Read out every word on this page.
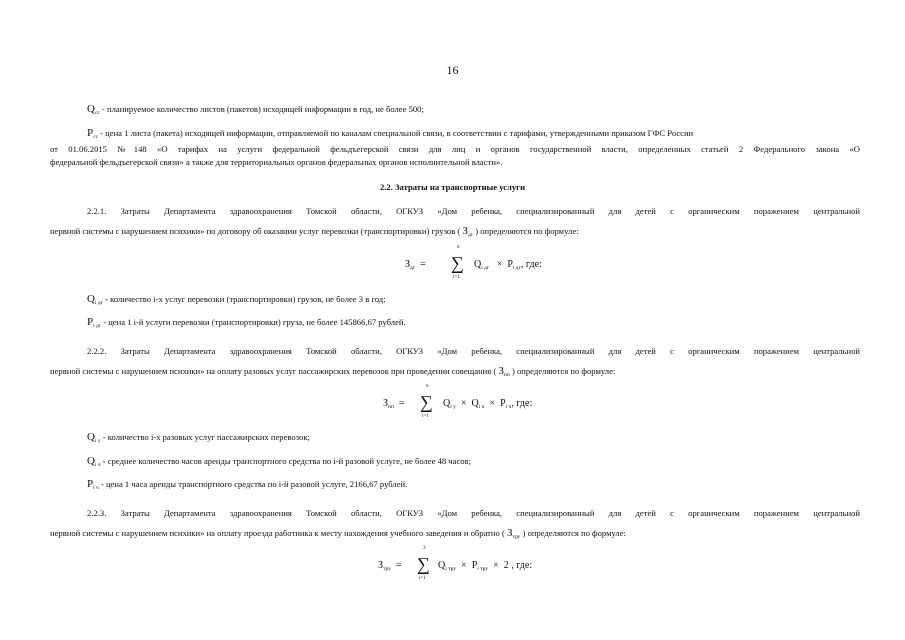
16
$Q_{сс}$ - планируемое количество листов (пакетов) исходящей информации в год, не более 500;
$P_{сс}$ - цена 1 листа (пакета) исходящей информации, отправляемой по каналам специальной связи, в соответствии с тарифами, утвержденными приказом ГФС России
от 01.06.2015 №148 «О тарифах на услуги федеральной фельдъегерской связи для лиц и органов государственной власти, определенных статьей 2 Федерального закона «О
федеральной фельдъегерской связи» а также для территориальных органов федеральных органов исполнительной власти».
2.2. Затраты на транспортные услуги
2.2.1. Затраты Департамента здравоохранения Томской области, ОГКУЗ «Дом ребенка, специализированный для детей с органическим поражением центральной
нервной системы с нарушением психики» по договору об оказании услуг перевозки (транспортировки) грузов ( $З_{дг}$ ) определяются по формуле:
$З_{дг}$ =
n
∑
i=1
$Q_{i дг} \times P_{i дг}$, где:
$Q_{i дг}$ - количество i-х услуг перевозки (транспортировки) грузов, не более 3 в год;
$P_{i дг}$ - цена 1 i-й услуги перевозки (транспортировки) груза, не более 145866,67 рублей.
2.2.2. Затраты Департамента здравоохранения Томской области, ОГКУЗ «Дом ребенка, специализированный для детей с органическим поражением центральной
нервной системы с нарушением психики» на оплату разовых услуг пассажирских перевозок при проведении совещания ( $З_{пп}$ ) определяются по формуле:
$З_{пп}$ =
n
∑
i=1
$Q_{i у} \times Q_{i ч} \times P_{i ч}$, где:
$Q_{i у}$ - количество i-х разовых услуг пассажирских перевозок;
$Q_{i ч}$ - среднее количество часов аренды транспортного средства по i-й разовой услуге, не более 48 часов;
$P_{i ч}$ - цена 1 часа аренды транспортного средства по i-й разовой услуге, 2166,67 рублей.
2.2.3. Затраты Департамента здравоохранения Томской области, ОГКУЗ «Дом ребенка, специализированный для детей с органическим поражением центральной
нервной системы с нарушением психики» на оплату проезда работника к месту нахождения учебного заведения и обратно ( $З_{тру}$ ) определяются по формуле:
$З_{тру}$ =
3
∑
i=1
$Q_{i тру} \times P_{i тру} \times 2$ , где:
